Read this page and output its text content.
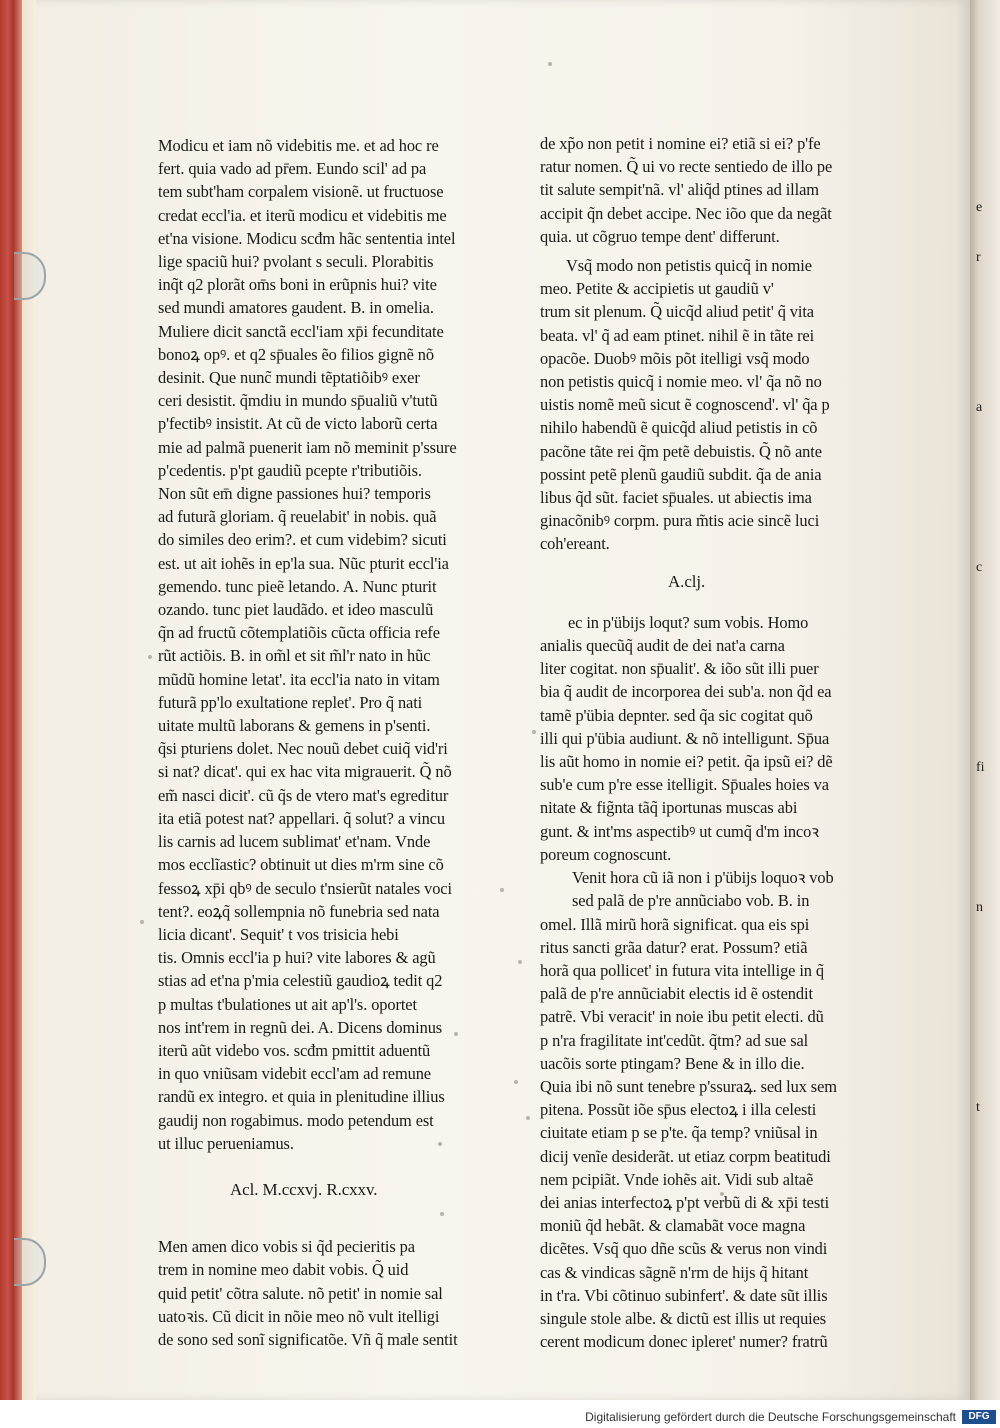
e
r
a
c
fi
n
t
Modicu et iam nõ videbitis me. et ad hoc re
fert. quia vado ad pr̄em. Eundo scil' ad pa
tem subt'ham corpalem visionẽ. ut fructuose
credat eccl'ia. et iterũ modicu et videbitis me
et'na visione. Modicu scđm hãc sententia intel
lige spaciũ hui? pvolant s seculi. Plorabitis
inq̃t q2 plorãt om̄s boni in erũpnis hui? vite
sed mundi amatores gaudent. B. in omelia.
Muliere dicit sanctã eccl'iam xp̄i fecunditate
bonoꝝ opꝰ. et q2 sp̄uales ẽo filios gignẽ nõ
desinit. Que nunc̃ mundi tẽptatiõibꝰ exer
ceri desistit. q̃mdiu in mundo sp̄ualiũ v'tutũ
p'fectibꝰ insistit. At cũ de victo laborũ certa
mie ad palmã puenerit iam nõ meminit p'ssure
p'cedentis. p'pt gaudiũ pcepte r'tributiõis.
Non sũt em̄ digne passiones hui? temporis
ad futurã gloriam. q̃ reuelabit' in nobis. quã
do similes deo erim?. et cum videbim? sicuti
est. ut ait iohẽs in ep'la sua. Nũc pturit eccl'ia
gemendo. tunc pieẽ letando. A. Nunc pturit
ozando. tunc piet laudãdo. et ideo masculũ
q̃n ad fructũ cõtemplatiõis cũcta officia refe
rũt actiõis. B. in om̃l et sit m̃l'r nato in hũc
mũdũ homine letat'. ita eccl'ia nato in vitam
futurã pp'lo exultatione replet'. Pro q̃ nati
uitate multũ laborans & gemens in p'senti.
q̃si pturiens dolet. Nec nouũ debet cuiq̃ vid'ri
si nat? dicat'. qui ex hac vita migrauerit. Q̃ nõ
em̃ nasci dicit'. cũ q̃s de vtero mat's egreditur
ita etiã potest nat? appellari. q̃ solut? a vincu
lis carnis ad lucem sublimat' et'nam. Vnde
mos ecclĩastic? obtinuit ut dies m'rm sine cõ
fessoꝝ xp̄i qbꝰ de seculo t'nsierũt natales voci
tent?. eoꝝq̃ sollempnia nõ funebria sed nata
licia dicant'. Sequit' t vos trisicia hebi
tis. Omnis eccl'ia p hui? vite labores & agũ
stias ad et'na p'mia celestiũ gaudioꝝ tedit q2
p multas t'bulationes ut ait ap'l's. oportet
nos int'rem in regnũ dei. A. Dicens dominus
iterũ aũt videbo vos. scđm pmittit aduentũ
in quo vniũsam videbit eccl'am ad remune
randũ ex integro. et quia in plenitudine illius
gaudij non rogabimus. modo petendum est
ut illuc perueniamus.
Acl. M.ccxvj. R.cxxv.
Men amen dico vobis si q̃d pecieritis pa
trem in nomine meo dabit vobis. Q̃ uid
quid petit' cõtra salute. nõ petit' in nomie sal
uatoꝛis. Cũ dicit in nõie meo nõ vult itelligi
de sono sed sonĩ significatõe. Vñ q̃ male sentit
de xp̃o non petit i nomine ei? etiã si ei? p'fe
ratur nomen. Q̃ ui vo recte sentiedo de illo pe
tit salute sempit'nã. vl' aliq̃d ptines ad illam
accipit q̃n debet accipe. Nec iõo que da negãt
quia. ut cõgruo tempe dent' differunt.
Vsq̃ modo non petistis quicq̃ in nomie
meo. Petite & accipietis ut gaudiũ v'
trum sit plenum. Q̃ uicq̃d aliud petit' q̃ vita
beata. vl' q̃ ad eam ptinet. nihil ẽ in tãte rei
opacõe. Duobꝰ mõis põt itelligi vsq̃ modo
non petistis quicq̃ i nomie meo. vl' q̃a nõ no
uistis nomẽ meũ sicut ẽ cognoscend'. vl' q̃a p
nihilo habendũ ẽ quicq̃d aliud petistis in cõ
pacõne tãte rei q̃m petẽ debuistis. Q̃ nõ ante
possint petẽ plenũ gaudiũ subdit. q̃a de ania
libus q̃d sũt. faciet sp̄uales. ut abiectis ima
ginacõnibꝰ corpm. pura m̃tis acie sincẽ luci
coh'ereant.
A.clj.
ec in p'übijs loqut? sum vobis. Homo
anialis quecũq̃ audit de dei nat'a carna
liter cogitat. non sp̄ualit'. & iõo sũt illi puer
bia q̃ audit de incorporea dei sub'a. non q̃d ea
tamẽ p'übia depnter. sed q̃a sic cogitat quõ
illi qui p'übia audiunt. & nõ intelligunt. Sp̄ua
lis aũt homo in nomie ei? petit. q̃a ipsũ ei? dẽ
sub'e cum p're esse itelligit. Sp̄uales hoies va
nitate & fig̃nta tãq̃ iportunas muscas abi
gunt. & int'ms aspectibꝰ ut cumq̃ d'm incoꝛ
poreum cognoscunt.
Venit hora cũ iã non i p'übijs loquoꝛ vob
sed palã de p're annũciabo vob. B. in
omel. Illã mirũ horã significat. qua eis spi
ritus sancti grãa datur? erat. Possum? etiã
horã qua pollicet' in futura vita intellige in q̃
palã de p're annũciabit electis id ẽ ostendit
patrẽ. Vbi veracit' in noie ibu petit electi. dũ
p n'ra fragilitate int'cedũt. q̃tm? ad sue sal
uacõis sorte ptingam? Bene & in illo die.
Quia ibi nõ sunt tenebre p'ssuraꝝ. sed lux sem
pitena. Possũt iõe sp̄us electoꝝ i illa celesti
ciuitate etiam p se p'te. q̃a temp? vniũsal in
dicij venĩe desiderãt. ut etiaz corpm beatitudi
nem pcipiãt. Vnde iohẽs ait. Vidi sub altaẽ
dei anias interfectoꝝ p'pt verbũ di & xp̄i testi
moniũ q̃d hebãt. & clamabãt voce magna
dicẽtes. Vsq̃ quo dñe scũs & verus non vindi
cas & vindicas sãgnẽ n'rm de hijs q̃ hitant
in t'ra. Vbi cõtinuo subinfert'. & date sũt illis
singule stole albe. & dictũ est illis ut requies
cerent modicum donec ipleret' numer? fratrũ
Digitalisierung gefördert durch die Deutsche Forschungsgemeinschaft	DFG
